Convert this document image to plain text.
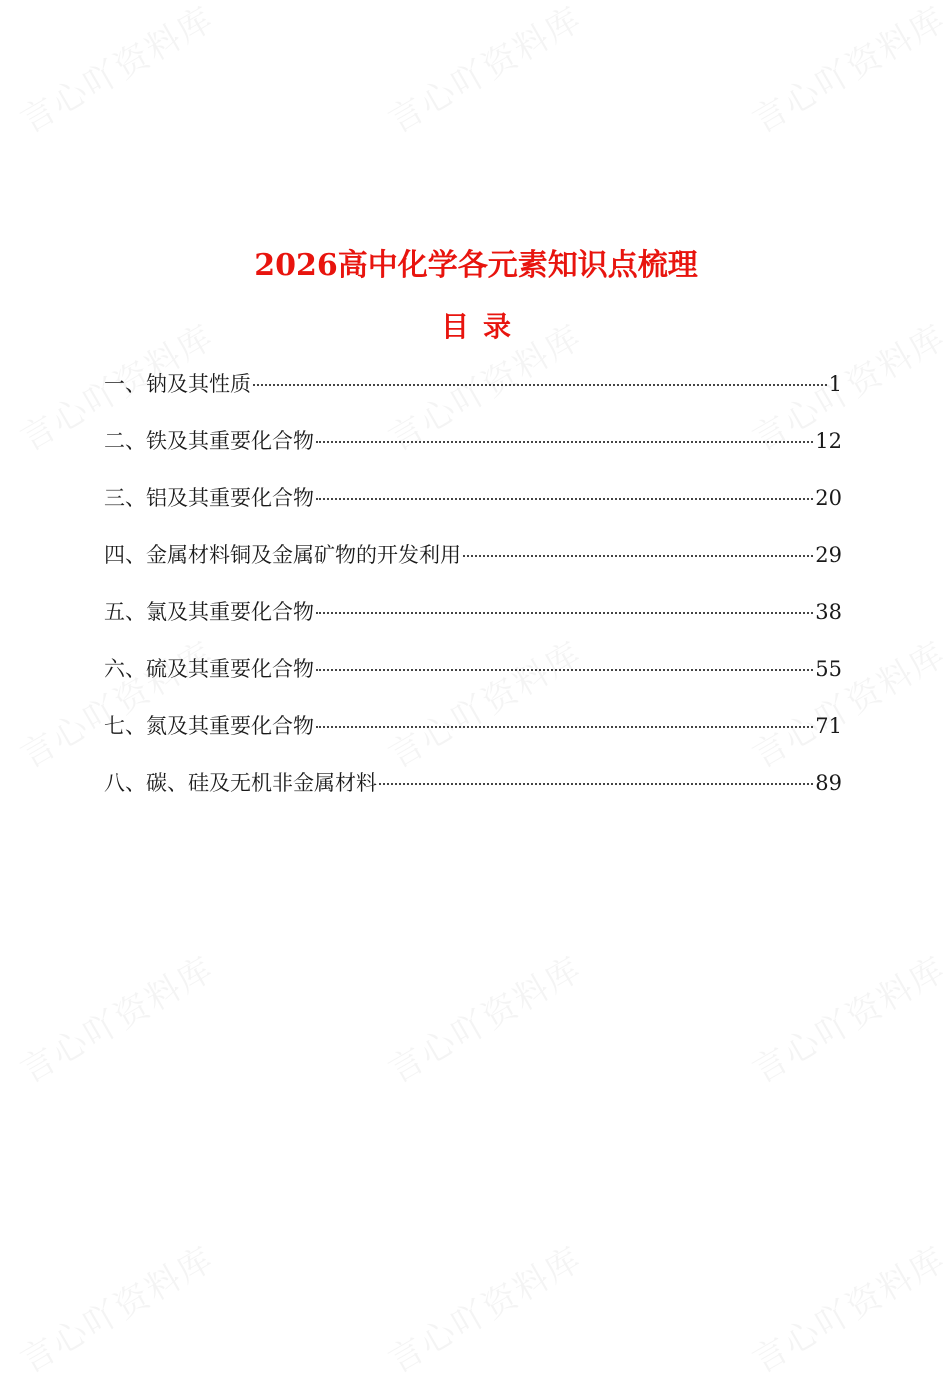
2026高中化学各元素知识点梳理
目 录
一、钠及其性质	1
二、铁及其重要化合物	12
三、铝及其重要化合物	20
四、金属材料铜及金属矿物的开发利用	29
五、氯及其重要化合物	38
六、硫及其重要化合物	55
七、氮及其重要化合物	71
八、碳、硅及无机非金属材料	89
